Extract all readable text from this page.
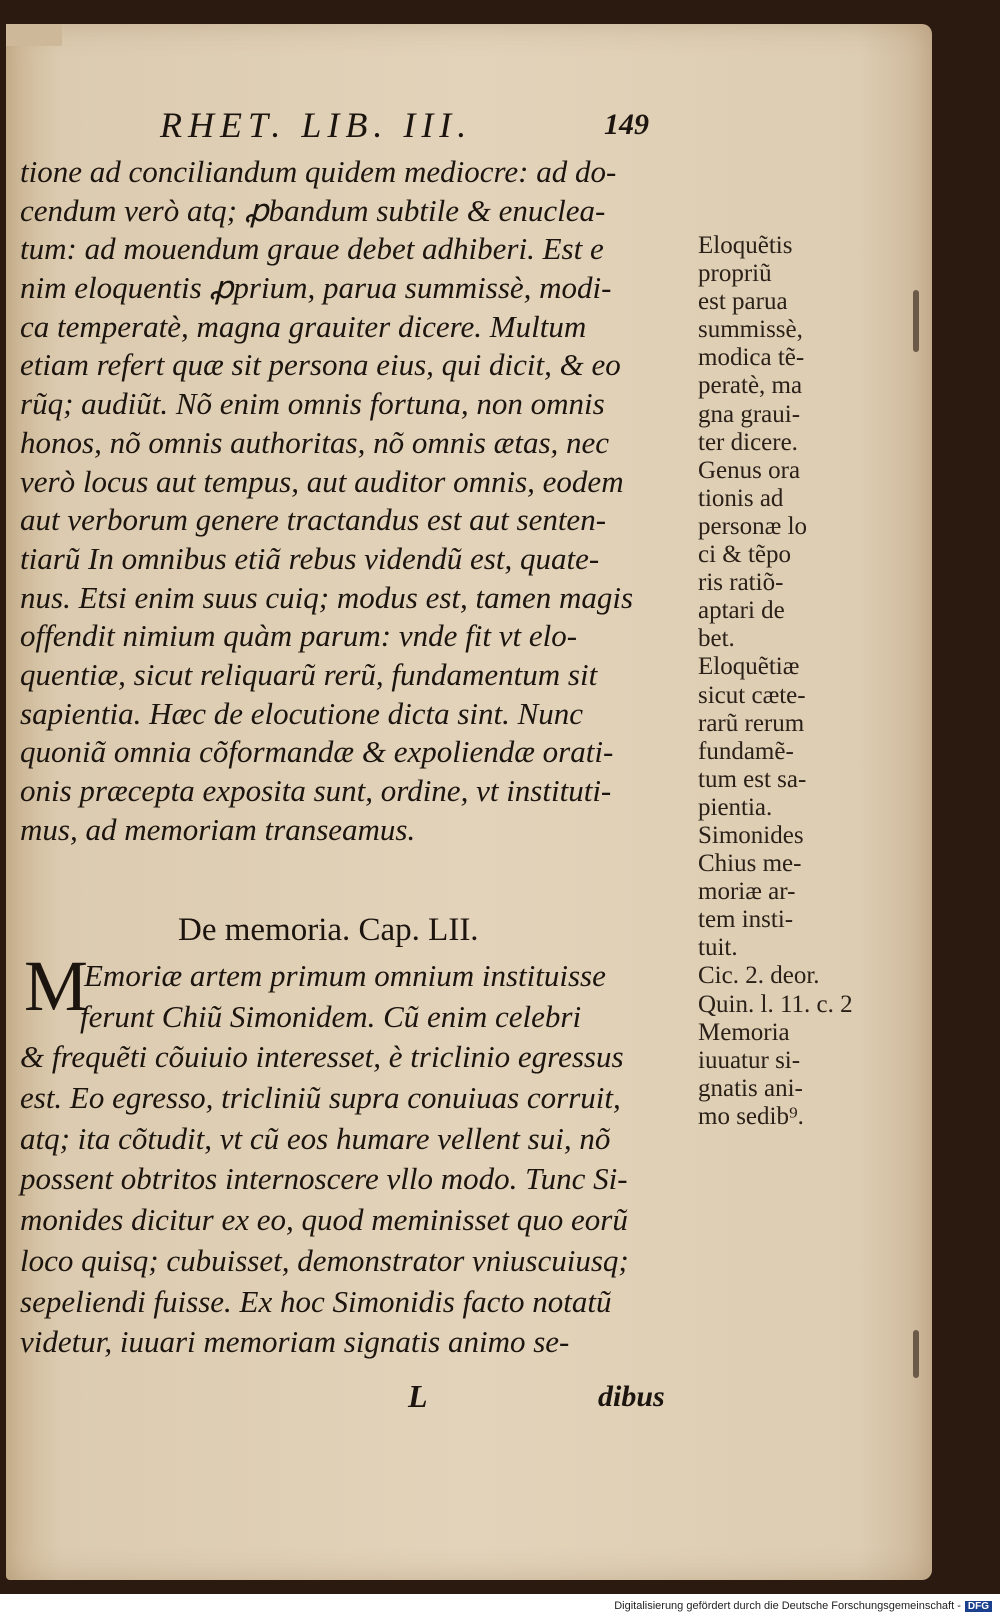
RHET. LIB. III.	149
tione ad conciliandum quidem mediocre: ad do-
cendum verò atq; ꝓbandum subtile & enuclea-
tum: ad mouendum graue debet adhiberi. Est e
nim eloquentis ꝓprium, parua summissè, modi-
ca temperatè, magna grauiter dicere. Multum
etiam refert quæ sit persona eius, qui dicit, & eo
rũq; audiũt. Nõ enim omnis fortuna, non omnis
honos, nõ omnis authoritas, nõ omnis ætas, nec
verò locus aut tempus, aut auditor omnis, eodem
aut verborum genere tractandus est aut senten-
tiarũ In omnibus etiã rebus videndũ est, quate-
nus. Etsi enim suus cuiq; modus est, tamen magis
offendit nimium quàm parum: vnde fit vt elo-
quentiæ, sicut reliquarũ rerũ, fundamentum sit
sapientia. Hæc de elocutione dicta sint. Nunc
quoniã omnia cõformandæ & expoliendæ orati-
onis præcepta exposita sunt, ordine, vt instituti-
mus, ad memoriam transeamus.
De memoria. Cap. LII.
M
Emoriæ artem primum omnium instituisse
ferunt Chiũ Simonidem. Cũ enim celebri
& frequẽti cõuiuio interesset, è triclinio egressus
est. Eo egresso, tricliniũ supra conuiuas corruit,
atq; ita cõtudit, vt cũ eos humare vellent sui, nõ
possent obtritos internoscere vllo modo. Tunc Si-
monides dicitur ex eo, quod meminisset quo eorũ
loco quisq; cubuisset, demonstrator vniuscuiusq;
sepeliendi fuisse. Ex hoc Simonidis facto notatũ
videtur, iuuari memoriam signatis animo se-
L	dibus
Eloquẽtis
propriũ
est parua
summissè,
modica tẽ-
peratè, ma
gna graui-
ter dicere.
Genus ora
tionis ad
personæ lo
ci & tẽpo
ris ratiõ-
aptari de
bet.
Eloquẽtiæ
sicut cæte-
rarũ rerum
fundamẽ-
tum est sa-
pientia.
Simonides
Chius me-
moriæ ar-
tem insti-
tuit.
Cic. 2. deor.
Quin. l. 11. c. 2
Memoria
iuuatur si-
gnatis ani-
mo sedib⁹.
Digitalisierung gefördert durch die Deutsche Forschungsgemeinschaft - DFG
